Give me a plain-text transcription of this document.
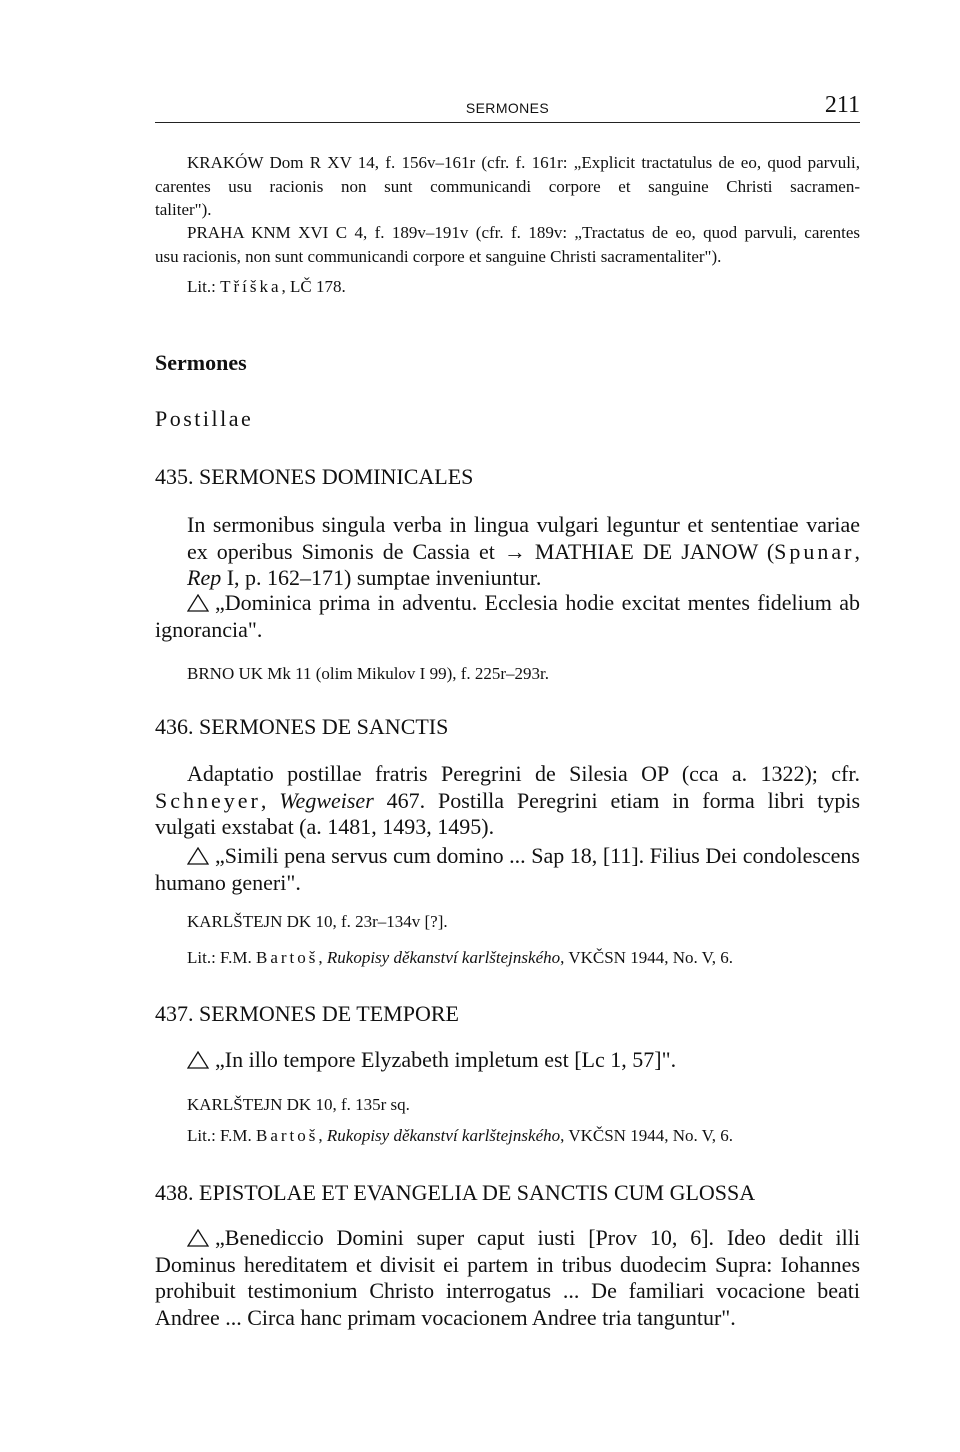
SERMONES	211

KRAKÓW Dom R XV 14, f. 156v–161r (cfr. f. 161r: „Explicit tractatulus de eo, quod parvuli, carentes usu racionis non sunt communicandi corpore et sanguine Christi sacramen-

taliter").

PRAHA KNM XVI C 4, f. 189v–191v (cfr. f. 189v: „Tractatus de eo, quod parvuli, carentes

usu racionis, non sunt communicandi corpore et sanguine Christi sacramentaliter").

Lit.: Tříška, LČ 178.

Sermones
Postillae
435. SERMONES DOMINICALES

In sermonibus singula verba in lingua vulgari leguntur et sententiae variae ex operibus Simonis de Cassia et → MATHIAE DE JANOW (Spunar, Rep I, p. 162–171) sumptae inveniuntur.

„Dominica prima in adventu. Ecclesia hodie excitat mentes fidelium ab ignorancia".

BRNO UK Mk 11 (olim Mikulov I 99), f. 225r–293r.

436. SERMONES DE SANCTIS

Adaptatio postillae fratris Peregrini de Silesia OP (cca a. 1322); cfr. Schneyer, Wegweiser 467. Postilla Peregrini etiam in forma libri typis vulgati exstabat (a. 1481, 1493, 1495).

„Simili pena servus cum domino ... Sap 18, [11]. Filius Dei condolescens humano generi".

KARLŠTEJN DK 10, f. 23r–134v [?].

Lit.: F.M. Bartoš, Rukopisy děkanství karlštejnského, VKČSN 1944, No. V, 6.

437. SERMONES DE TEMPORE

„In illo tempore Elyzabeth impletum est [Lc 1, 57]".

KARLŠTEJN DK 10, f. 135r sq.

Lit.: F.M. Bartoš, Rukopisy děkanství karlštejnského, VKČSN 1944, No. V, 6.

438. EPISTOLAE ET EVANGELIA DE SANCTIS CUM GLOSSA

„Benediccio Domini super caput iusti [Prov 10, 6]. Ideo dedit illi Dominus hereditatem et divisit ei partem in tribus duodecim Supra: Iohannes prohibuit testimonium Christo interrogatus ... De familiari vocacione beati Andree ... Circa hanc primam vocacionem Andree tria tanguntur".
